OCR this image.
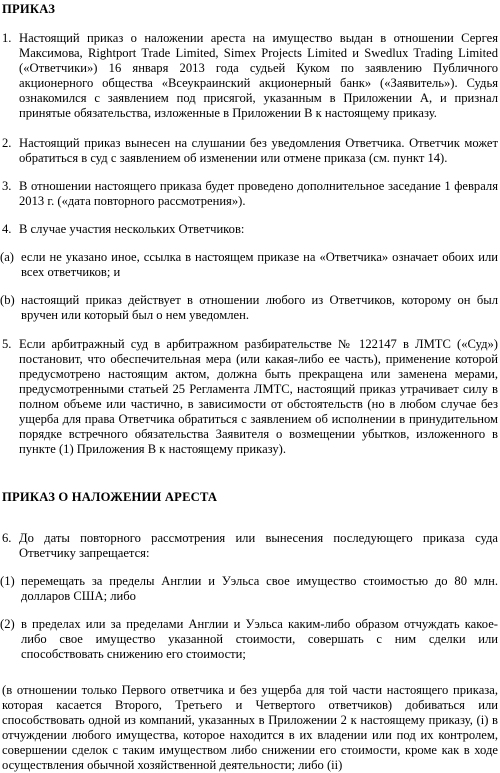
ПРИКАЗ
1. Настоящий приказ о наложении ареста на имущество выдан в отношении Сергея Максимова, Rightport Trade Limited, Simex Projects Limited и Swedlux Trading Limited («Ответчики») 16 января 2013 года судьей Куком по заявлению Публичного акционерного общества «Всеукраинский акционерный банк» («Заявитель»). Судья ознакомился с заявлением под присягой, указанным в Приложении А, и признал принятые обязательства, изложенные в Приложении В к настоящему приказу.
2. Настоящий приказ вынесен на слушании без уведомления Ответчика. Ответчик может обратиться в суд с заявлением об изменении или отмене приказа (см. пункт 14).
3. В отношении настоящего приказа будет проведено дополнительное заседание 1 февраля 2013 г. («дата повторного рассмотрения»).
4. В случае участия нескольких Ответчиков:
(a) если не указано иное, ссылка в настоящем приказе на «Ответчика» означает обоих или всех ответчиков; и
(b) настоящий приказ действует в отношении любого из Ответчиков, которому он был вручен или который был о нем уведомлен.
5. Если арбитражный суд в арбитражном разбирательстве № 122147 в ЛМТС («Суд») постановит, что обеспечительная мера (или какая-либо ее часть), применение которой предусмотрено настоящим актом, должна быть прекращена или заменена мерами, предусмотренными статьей 25 Регламента ЛМТС, настоящий приказ утрачивает силу в полном объеме или частично, в зависимости от обстоятельств (но в любом случае без ущерба для права Ответчика обратиться с заявлением об исполнении в принудительном порядке встречного обязательства Заявителя о возмещении убытков, изложенного в пункте (1) Приложения В к настоящему приказу).
ПРИКАЗ О НАЛОЖЕНИИ АРЕСТА
6. До даты повторного рассмотрения или вынесения последующего приказа суда Ответчику запрещается:
(1) перемещать за пределы Англии и Уэльса свое имущество стоимостью до 80 млн. долларов США; либо
(2) в пределах или за пределами Англии и Уэльса каким-либо образом отчуждать какое-либо свое имущество указанной стоимости, совершать с ним сделки или способствовать снижению его стоимости;
(в отношении только Первого ответчика и без ущерба для той части настоящего приказа, которая касается Второго, Третьего и Четвертого ответчиков) добиваться или способствовать одной из компаний, указанных в Приложении 2 к настоящему приказу, (i) в отчуждении любого имущества, которое находится в их владении или под их контролем, совершении сделок с таким имуществом либо снижении его стоимости, кроме как в ходе осуществления обычной хозяйственной деятельности; либо (ii)
